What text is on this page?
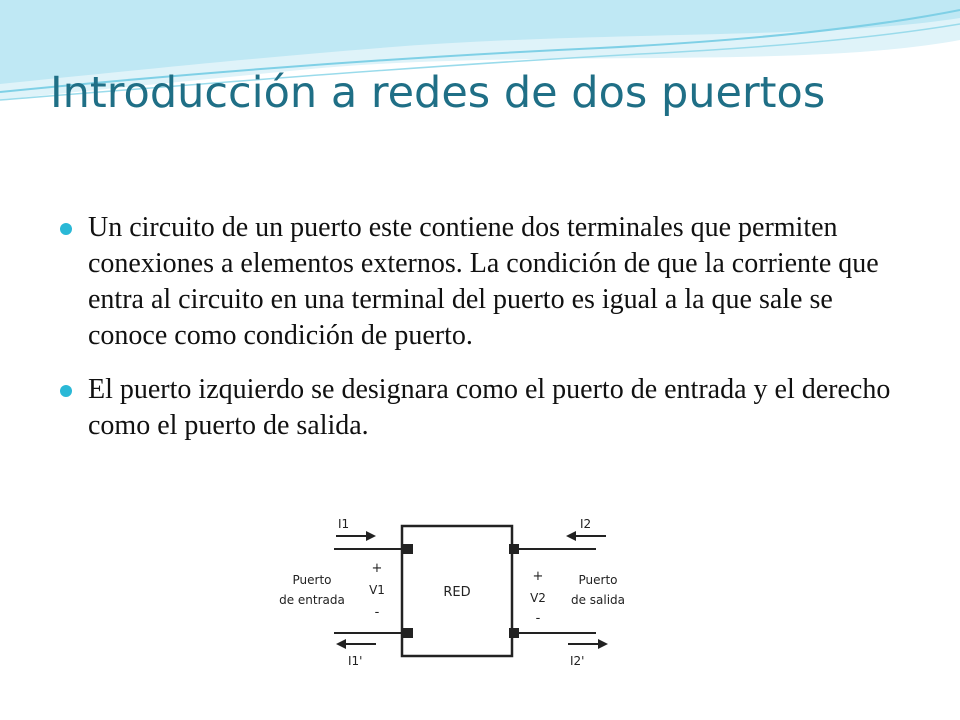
Introducción a redes de dos puertos
Un circuito de un puerto este contiene dos terminales que permiten conexiones a elementos externos. La condición de que la corriente que entra al circuito en una terminal del puerto es igual a la que sale se conoce como condición de puerto.
El puerto izquierdo se designara como el puerto de entrada y el derecho como el puerto de salida.
RED
I1
I1'
+
V1
-
Puerto
de entrada
I2
I2'
+
V2
-
Puerto
de salida
